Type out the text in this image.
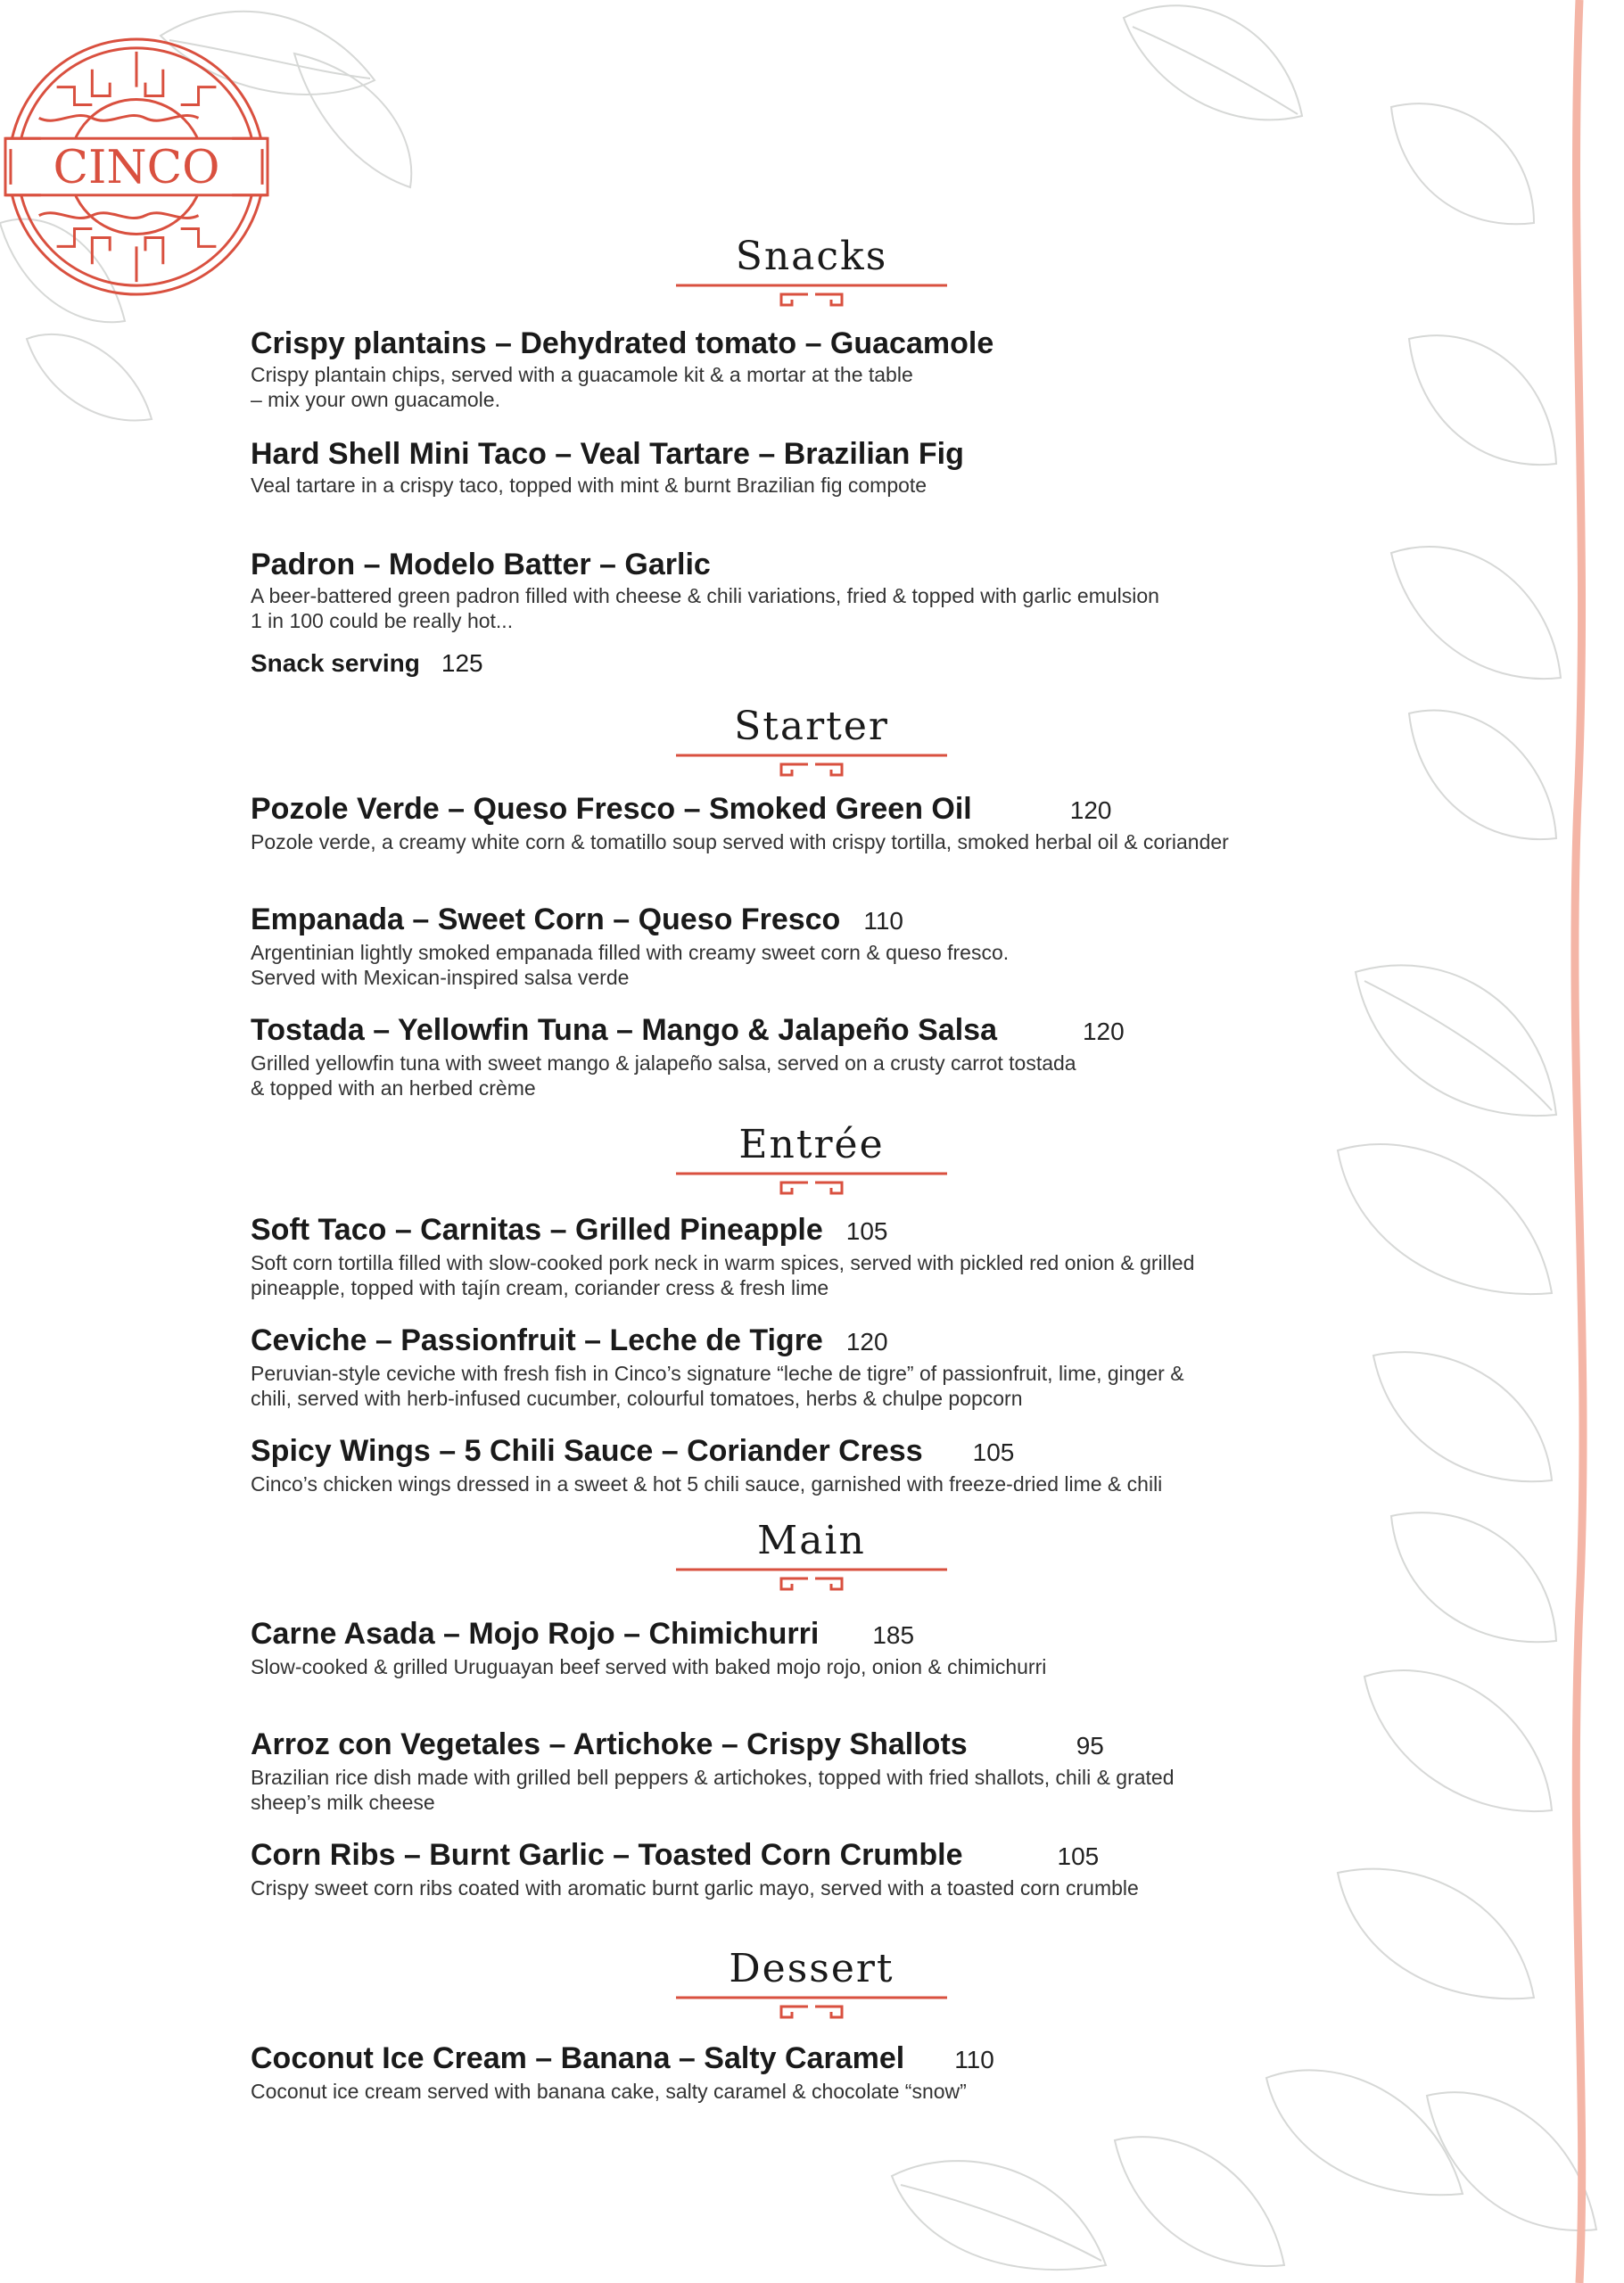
CINCO
Snacks
Crispy plantains – Dehydrated tomato – Guacamole
Crispy plantain chips, served with a guacamole kit & a mortar at the table
– mix your own guacamole.
Hard Shell Mini Taco – Veal Tartare – Brazilian Fig
Veal tartare in a crispy taco, topped with mint & burnt Brazilian fig compote
Padron – Modelo Batter – Garlic
A beer-battered green padron filled with cheese & chili variations, fried & topped with garlic emulsion
1 in 100 could be really hot...
Snack serving 125
Starter
Pozole Verde – Queso Fresco – Smoked Green Oil	120
Pozole verde, a creamy white corn & tomatillo soup served with crispy tortilla, smoked herbal oil & coriander
Empanada – Sweet Corn – Queso Fresco 110
Argentinian lightly smoked empanada filled with creamy sweet corn & queso fresco.
Served with Mexican-inspired salsa verde
Tostada – Yellowfin Tuna – Mango & Jalapeño Salsa	120
Grilled yellowfin tuna with sweet mango & jalapeño salsa, served on a crusty carrot tostada
& topped with an herbed crème
Entrée
Soft Taco – Carnitas – Grilled Pineapple 105
Soft corn tortilla filled with slow-cooked pork neck in warm spices, served with pickled red onion & grilled
pineapple, topped with tajín cream, coriander cress & fresh lime
Ceviche – Passionfruit – Leche de Tigre 120
Peruvian-style ceviche with fresh fish in Cinco’s signature “leche de tigre” of passionfruit, lime, ginger &
chili, served with herb-infused cucumber, colourful tomatoes, herbs & chulpe popcorn
Spicy Wings – 5 Chili Sauce – Coriander Cress 105
Cinco’s chicken wings dressed in a sweet & hot 5 chili sauce, garnished with freeze-dried lime & chili
Main
Carne Asada – Mojo Rojo – Chimichurri 185
Slow-cooked & grilled Uruguayan beef served with baked mojo rojo, onion & chimichurri
Arroz con Vegetales – Artichoke – Crispy Shallots	95
Brazilian rice dish made with grilled bell peppers & artichokes, topped with fried shallots, chili & grated
sheep’s milk cheese
Corn Ribs – Burnt Garlic – Toasted Corn Crumble	105
Crispy sweet corn ribs coated with aromatic burnt garlic mayo, served with a toasted corn crumble
Dessert
Coconut Ice Cream – Banana – Salty Caramel 110
Coconut ice cream served with banana cake, salty caramel & chocolate “snow”
